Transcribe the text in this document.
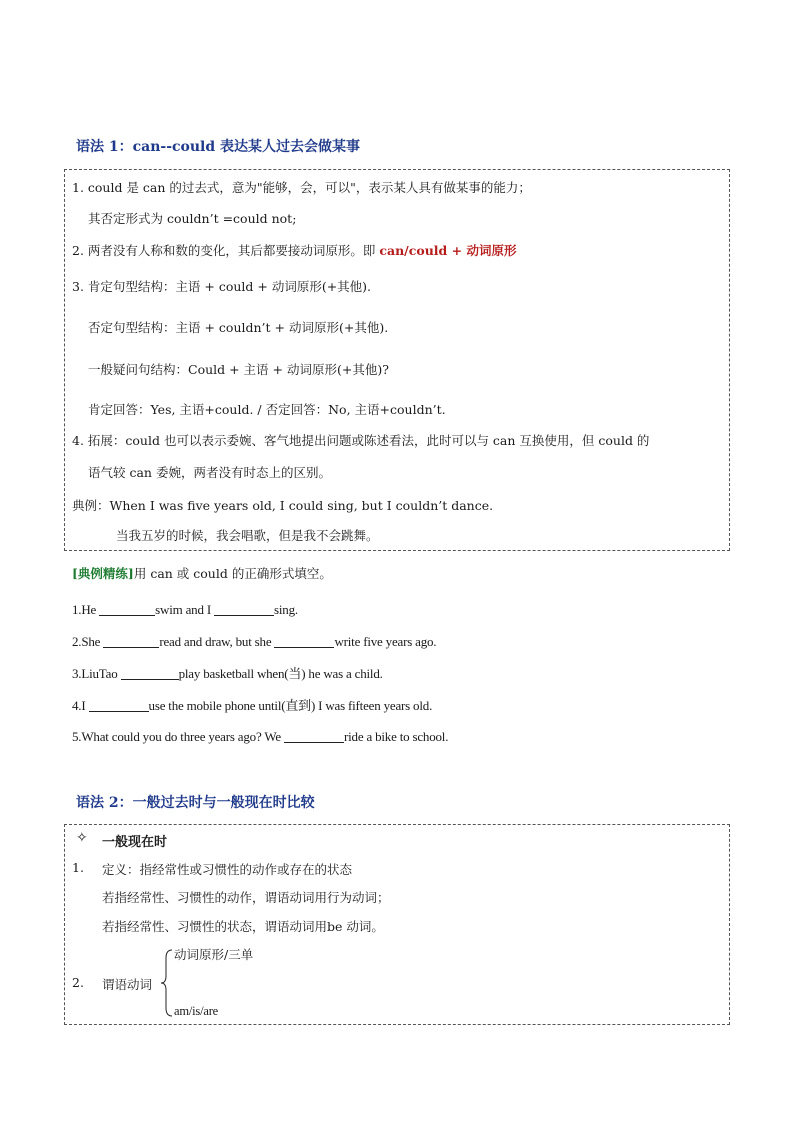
语法 1：can--could 表达某人过去会做某事
1. could 是 can 的过去式，意为"能够，会，可以"，表示某人具有做某事的能力；
其否定形式为 couldn’t =could not;
2. 两者没有人称和数的变化，其后都要接动词原形。即 can/could + 动词原形
3. 肯定句型结构：主语 + could + 动词原形(+其他).
否定句型结构：主语 + couldn’t + 动词原形(+其他).
一般疑问句结构：Could + 主语 + 动词原形(+其他)?
肯定回答：Yes, 主语+could. / 否定回答：No, 主语+couldn’t.
4. 拓展：could 也可以表示委婉、客气地提出问题或陈述看法，此时可以与 can 互换使用，但 could 的
语气较 can 委婉，两者没有时态上的区别。
典例：When I was five years old, I could sing, but I couldn’t dance.
当我五岁的时候，我会唱歌，但是我不会跳舞。
[典例精练]用 can 或 could 的正确形式填空。
1.He	swim and I	sing.
2.She	read and draw, but she	write five years ago.
3.LiuTao	play basketball when(当) he was a child.
4.I	use the mobile phone until(直到) I was fifteen years old.
5.What could you do three years ago? We	ride a bike to school.
语法 2：一般过去时与一般现在时比较
✧ 一般现在时
1. 定义：指经常性或习惯性的动作或存在的状态
若指经常性、习惯性的动作，谓语动词用行为动词；
若指经常性、习惯性的状态，谓语动词用be 动词。
动词原形/三单
2. 谓语动词
am/is/are
